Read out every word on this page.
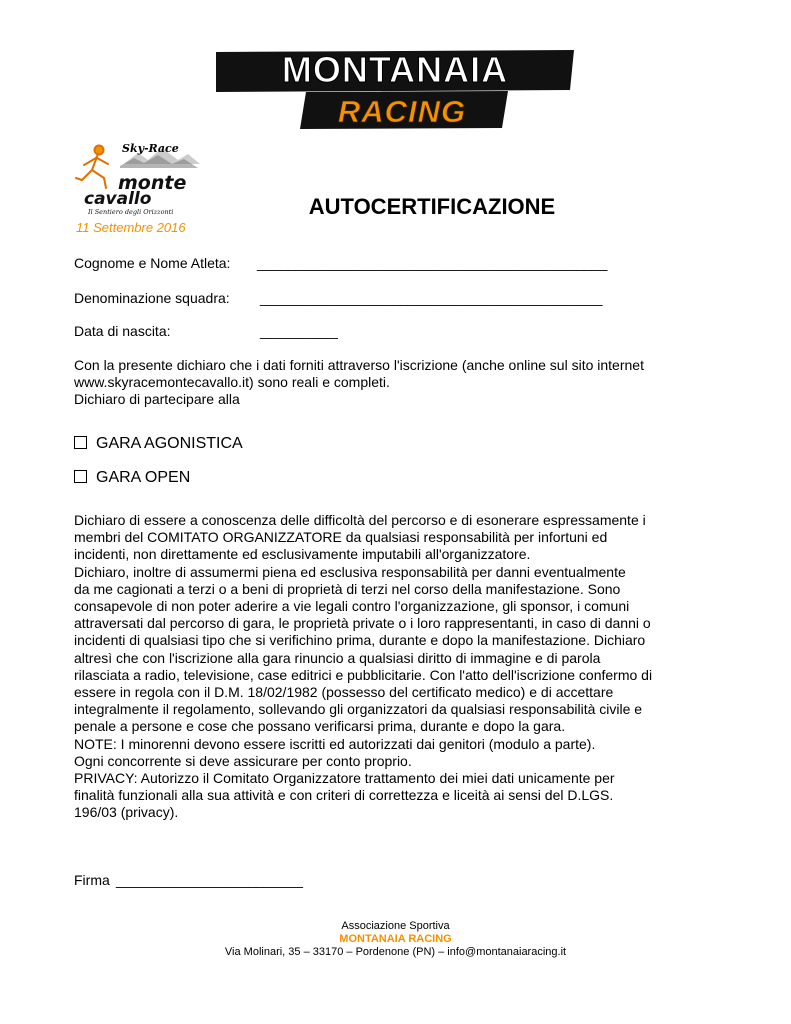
MONTANAIA
RACING
Sky-Race
monte
cavallo
Il Sentiero degli Orizzonti
11 Settembre 2016
AUTOCERTIFICAZIONE
Cognome e Nome Atleta: _____________________________________________
Denominazione squadra: ____________________________________________
Data di nascita:	__________
Con la presente dichiaro che i dati forniti attraverso l'iscrizione (anche online sul sito internet
www.skyracemontecavallo.it) sono reali e completi.
Dichiaro di partecipare alla
GARA AGONISTICA
GARA OPEN
Dichiaro di essere a conoscenza delle difficoltà del percorso e di esonerare espressamente i
membri del COMITATO ORGANIZZATORE da qualsiasi responsabilità per infortuni ed
incidenti, non direttamente ed esclusivamente imputabili all'organizzatore.
Dichiaro, inoltre di assumermi piena ed esclusiva responsabilità per danni eventualmente
da me cagionati a terzi o a beni di proprietà di terzi nel corso della manifestazione. Sono
consapevole di non poter aderire a vie legali contro l'organizzazione, gli sponsor, i comuni
attraversati dal percorso di gara, le proprietà private o i loro rappresentanti, in caso di danni o
incidenti di qualsiasi tipo che si verifichino prima, durante e dopo la manifestazione. Dichiaro
altresì che con l'iscrizione alla gara rinuncio a qualsiasi diritto di immagine e di parola
rilasciata a radio, televisione, case editrici e pubblicitarie. Con l'atto dell'iscrizione confermo di
essere in regola con il D.M. 18/02/1982 (possesso del certificato medico) e di accettare
integralmente il regolamento, sollevando gli organizzatori da qualsiasi responsabilità civile e
penale a persone e cose che possano verificarsi prima, durante e dopo la gara.
NOTE: I minorenni devono essere iscritti ed autorizzati dai genitori (modulo a parte).
Ogni concorrente si deve assicurare per conto proprio.
PRIVACY: Autorizzo il Comitato Organizzatore trattamento dei miei dati unicamente per
finalità funzionali alla sua attività e con criteri di correttezza e liceità ai sensi del D.LGS.
196/03 (privacy).
Firma ________________________
Associazione Sportiva
MONTANAIA RACING
Via Molinari, 35 – 33170 – Pordenone (PN) – info@montanaiaracing.it
